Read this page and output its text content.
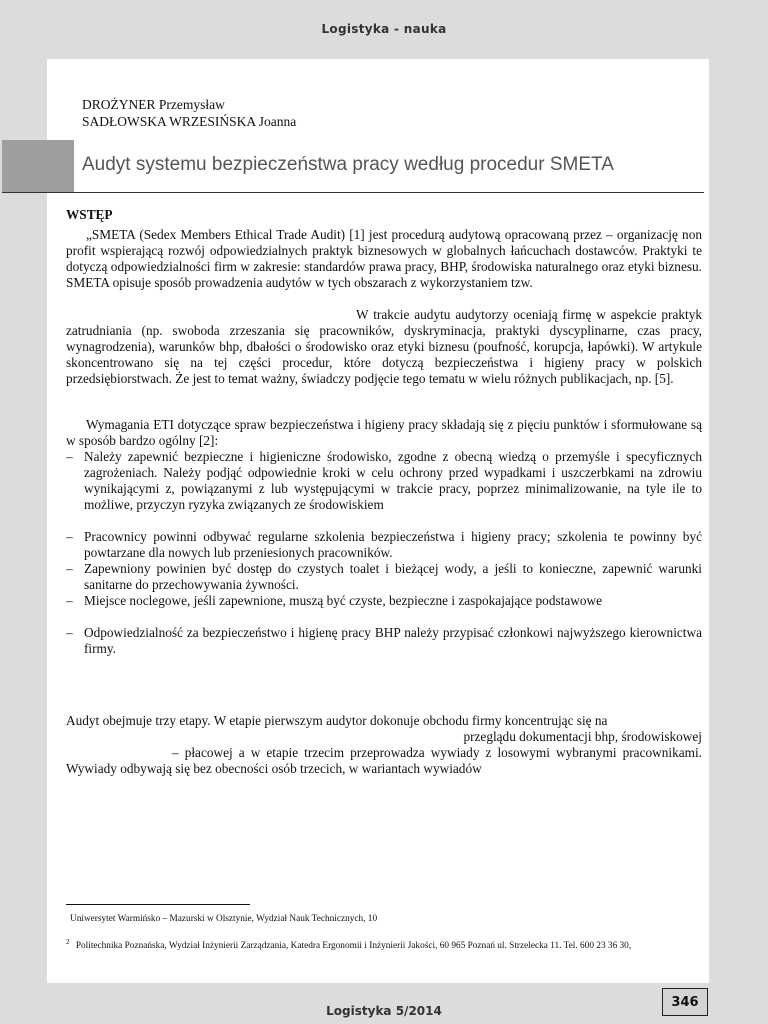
Logistyka - nauka
DROŻYNER Przemysław
SADŁOWSKA WRZESIŃSKA Joanna
Audyt systemu bezpieczeństwa pracy według procedur SMETA
WSTĘP

„SMETA (Sedex Members Ethical Trade Audit) [1] jest procedurą audytową opracowaną przez – organizację non profit wspierającą rozwój odpowiedzialnych praktyk biznesowych w globalnych łańcuchach dostawców. Praktyki te dotyczą odpowiedzialności firm w zakresie: standardów prawa pracy, BHP, środowiska naturalnego oraz etyki biznesu. SMETA opisuje sposób prowadzenia audytów w tych obszarach z wykorzystaniem tzw.

W trakcie audytu audytorzy oceniają firmę w aspekcie praktyk zatrudniania (np. swoboda zrzeszania się pracowników, dyskryminacja, praktyki dyscyplinarne, czas pracy, wynagrodzenia), warunków bhp, dbałości o środowisko oraz etyki biznesu (poufność, korupcja, łapówki). W artykule skoncentrowano się na tej części procedur, które dotyczą bezpieczeństwa i higieny pracy w polskich przedsiębiorstwach. Że jest to temat ważny, świadczy podjęcie tego tematu w wielu różnych publikacjach, np. [5].

Wymagania ETI dotyczące spraw bezpieczeństwa i higieny pracy składają się z pięciu punktów i sformułowane są w sposób bardzo ogólny [2]:

– Należy zapewnić bezpieczne i higieniczne środowisko, zgodne z obecną wiedzą o przemyśle i specyficznych zagrożeniach. Należy podjąć odpowiednie kroki w celu ochrony przed wypadkami i uszczerbkami na zdrowiu wynikającymi z, powiązanymi z lub występującymi w trakcie pracy, poprzez minimalizowanie, na tyle ile to możliwe, przyczyn ryzyka związanych ze środowiskiem
– Pracownicy powinni odbywać regularne szkolenia bezpieczeństwa i higieny pracy; szkolenia te powinny być powtarzane dla nowych lub przeniesionych pracowników.
– Zapewniony powinien być dostęp do czystych toalet i bieżącej wody, a jeśli to konieczne, zapewnić warunki sanitarne do przechowywania żywności.
– Miejsce noclegowe, jeśli zapewnione, muszą być czyste, bezpieczne i zaspokajające podstawowe
– Odpowiedzialność za bezpieczeństwo i higienę pracy BHP należy przypisać członkowi najwyższego kierownictwa firmy.

Audyt obejmuje trzy etapy. W etapie pierwszym audytor dokonuje obchodu firmy koncentrując się na

przeglądu dokumentacji bhp, środowiskowej

– płacowej a w etapie trzecim przeprowadza wywiady z losowymi wybranymi pracownikami. Wywiady odbywają się bez obecności osób trzecich, w wariantach wywiadów

Uniwersytet Warmińsko – Mazurski w Olsztynie, Wydział Nauk Technicznych, 10
$^2$ Politechnika Poznańska, Wydział Inżynierii Zarządzania, Katedra Ergonomii i Inżynierii Jakości, 60 965 Poznań ul. Strzelecka 11. Tel. 600 23 36 30,
346
Logistyka 5/2014
